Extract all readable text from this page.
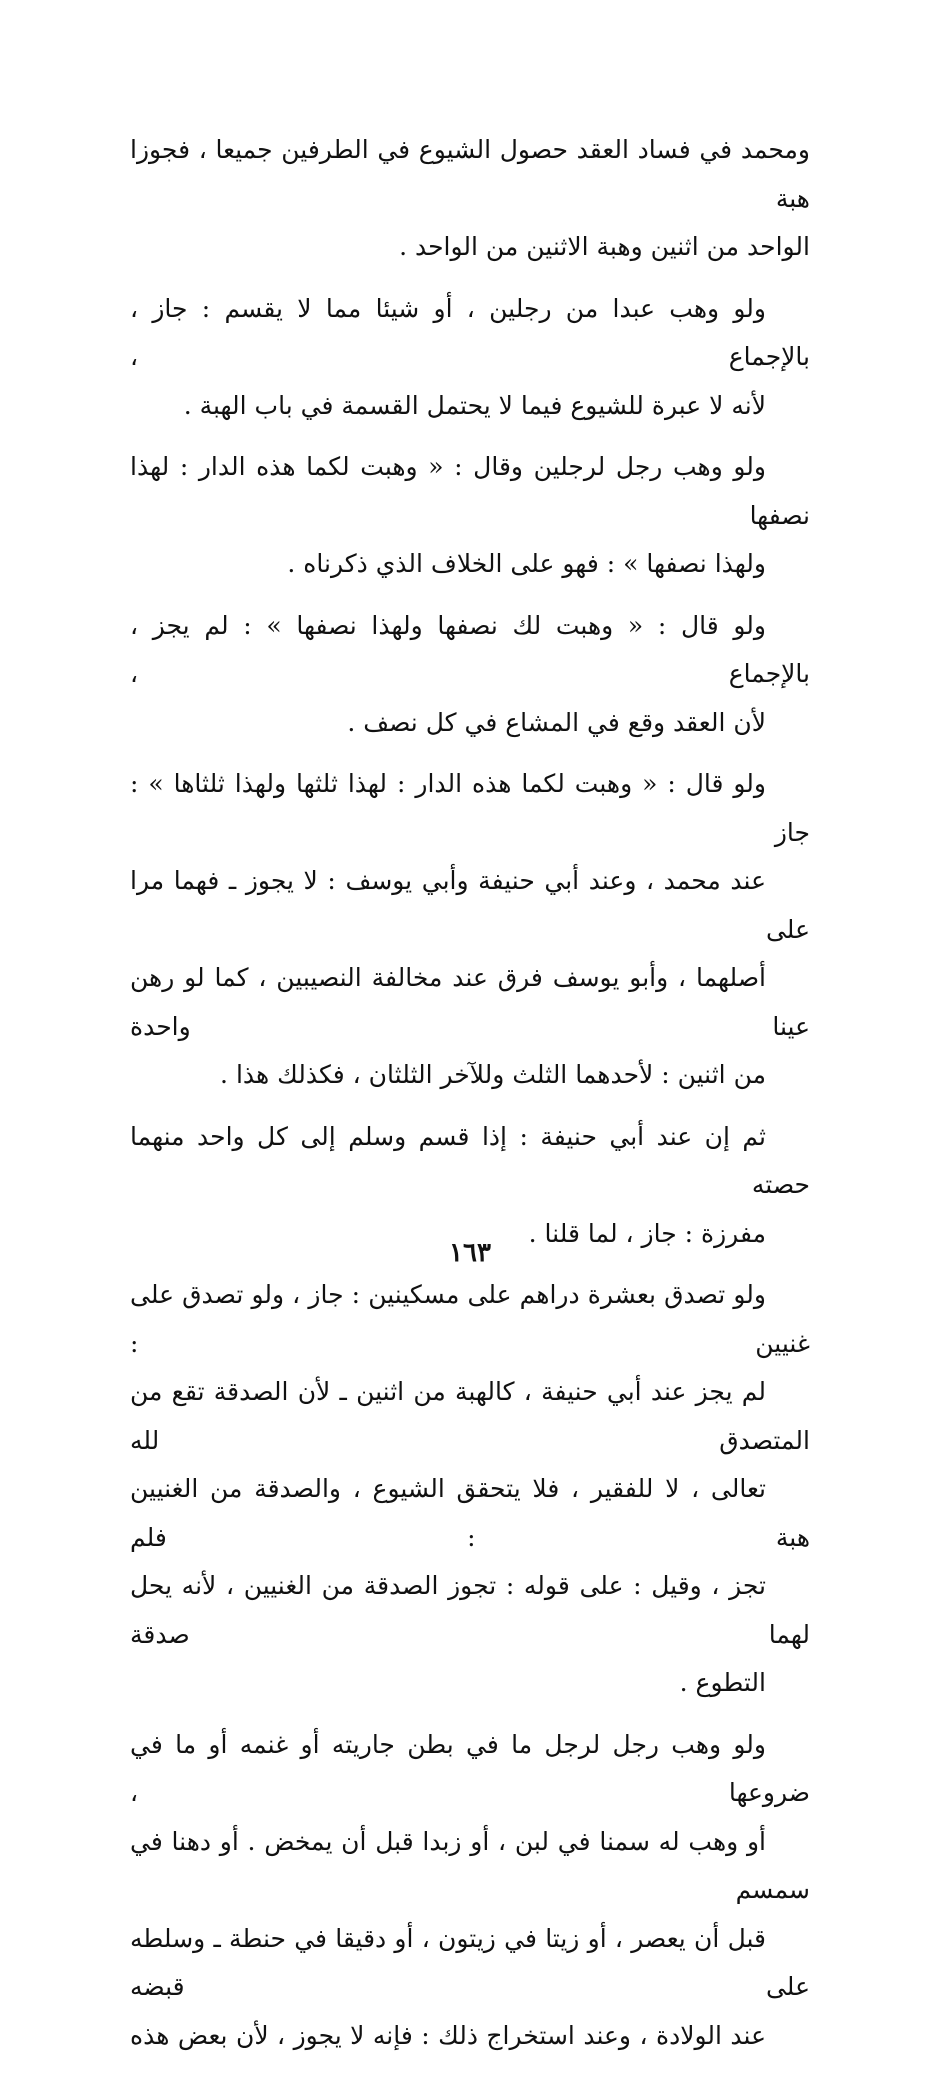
ومحمد في فساد العقد حصول الشيوع في الطرفين جميعا ، فجوزا هبة
الواحد من اثنين وهبة الاثنين من الواحد .

ولو وهب عبدا من رجلين ، أو شيئا مما لا يقسم : جاز ، بالإجماع ،
لأنه لا عبرة للشيوع فيما لا يحتمل القسمة في باب الهبة .

ولو وهب رجل لرجلين وقال : « وهبت لكما هذه الدار : لهذا نصفها
ولهذا نصفها » : فهو على الخلاف الذي ذكرناه .

ولو قال : « وهبت لك نصفها ولهذا نصفها » : لم يجز ، بالإجماع ،
لأن العقد وقع في المشاع في كل نصف .

ولو قال : « وهبت لكما هذه الدار : لهذا ثلثها ولهذا ثلثاها » : جاز
عند محمد ، وعند أبي حنيفة وأبي يوسف : لا يجوز ـ فهما مرا على
أصلهما ، وأبو يوسف فرق عند مخالفة النصيبين ، كما لو رهن عينا واحدة
من اثنين : لأحدهما الثلث وللآخر الثلثان ، فكذلك هذا .

ثم إن عند أبي حنيفة : إذا قسم وسلم إلى كل واحد منهما حصته
مفرزة : جاز ، لما قلنا .

ولو تصدق بعشرة دراهم على مسكينين : جاز ، ولو تصدق على غنيين :
لم يجز عند أبي حنيفة ، كالهبة من اثنين ـ لأن الصدقة تقع من المتصدق لله
تعالى ، لا للفقير ، فلا يتحقق الشيوع ، والصدقة من الغنيين هبة : فلم
تجز ، وقيل : على قوله : تجوز الصدقة من الغنيين ، لأنه يحل لهما صدقة
التطوع .

ولو وهب رجل لرجل ما في بطن جاريته أو غنمه أو ما في ضروعها ،
أو وهب له سمنا في لبن ، أو زبدا قبل أن يمخض . أو دهنا في سمسم
قبل أن يعصر ، أو زيتا في زيتون ، أو دقيقا في حنطة ـ وسلطه على قبضه
عند الولادة ، وعند استخراج ذلك : فإنه لا يجوز ، لأن بعض هذه

١٦٣
